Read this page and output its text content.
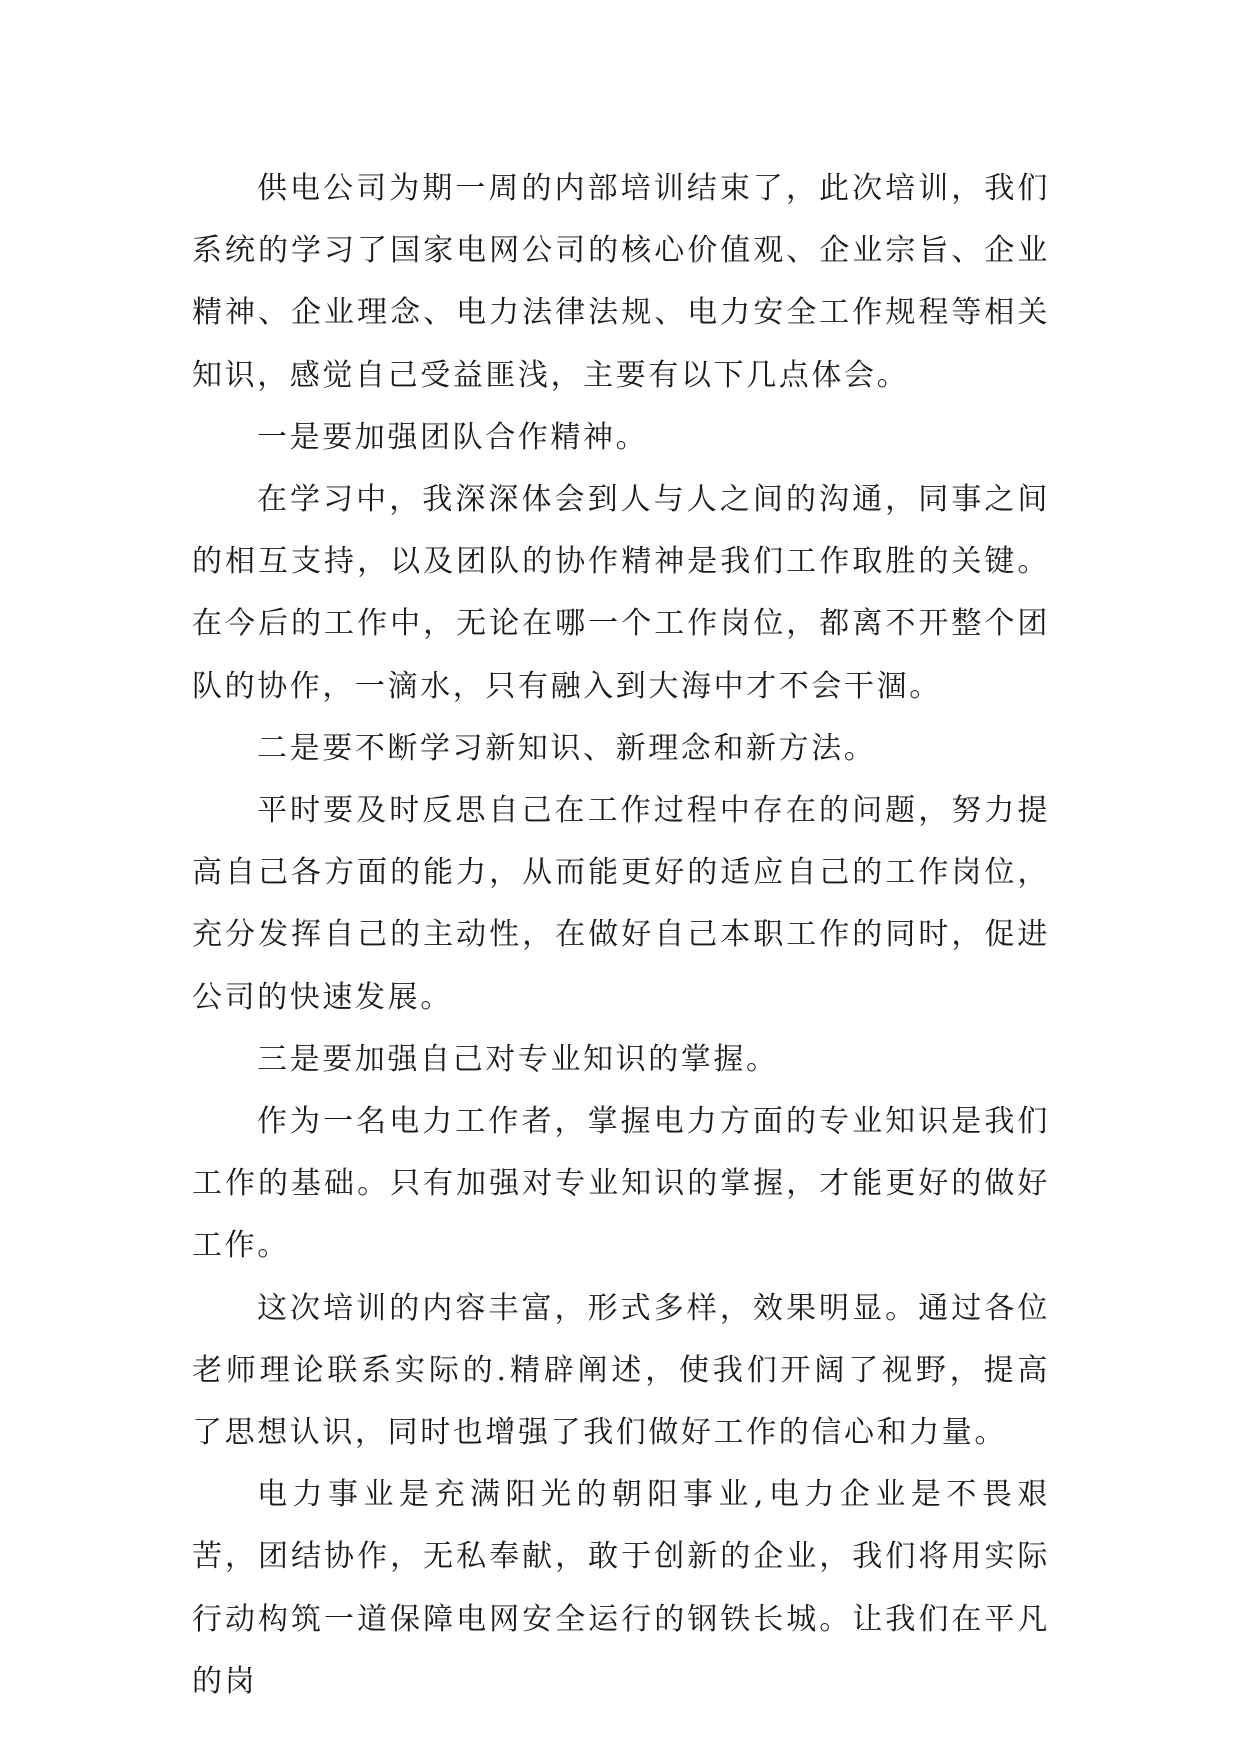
供电公司为期一周的内部培训结束了，此次培训，我们系统的学习了国家电网公司的核心价值观、企业宗旨、企业精神、企业理念、电力法律法规、电力安全工作规程等相关知识，感觉自己受益匪浅，主要有以下几点体会。

一是要加强团队合作精神。

在学习中，我深深体会到人与人之间的沟通，同事之间的相互支持，以及团队的协作精神是我们工作取胜的关键。在今后的工作中，无论在哪一个工作岗位，都离不开整个团队的协作，一滴水，只有融入到大海中才不会干涸。

二是要不断学习新知识、新理念和新方法。

平时要及时反思自己在工作过程中存在的问题，努力提高自己各方面的能力，从而能更好的适应自己的工作岗位，充分发挥自己的主动性，在做好自己本职工作的同时，促进公司的快速发展。

三是要加强自己对专业知识的掌握。

作为一名电力工作者，掌握电力方面的专业知识是我们工作的基础。只有加强对专业知识的掌握，才能更好的做好工作。

这次培训的内容丰富，形式多样，效果明显。通过各位老师理论联系实际的.精辟阐述，使我们开阔了视野，提高了思想认识，同时也增强了我们做好工作的信心和力量。

电力事业是充满阳光的朝阳事业,电力企业是不畏艰苦，团结协作，无私奉献，敢于创新的企业，我们将用实际行动构筑一道保障电网安全运行的钢铁长城。让我们在平凡的岗
